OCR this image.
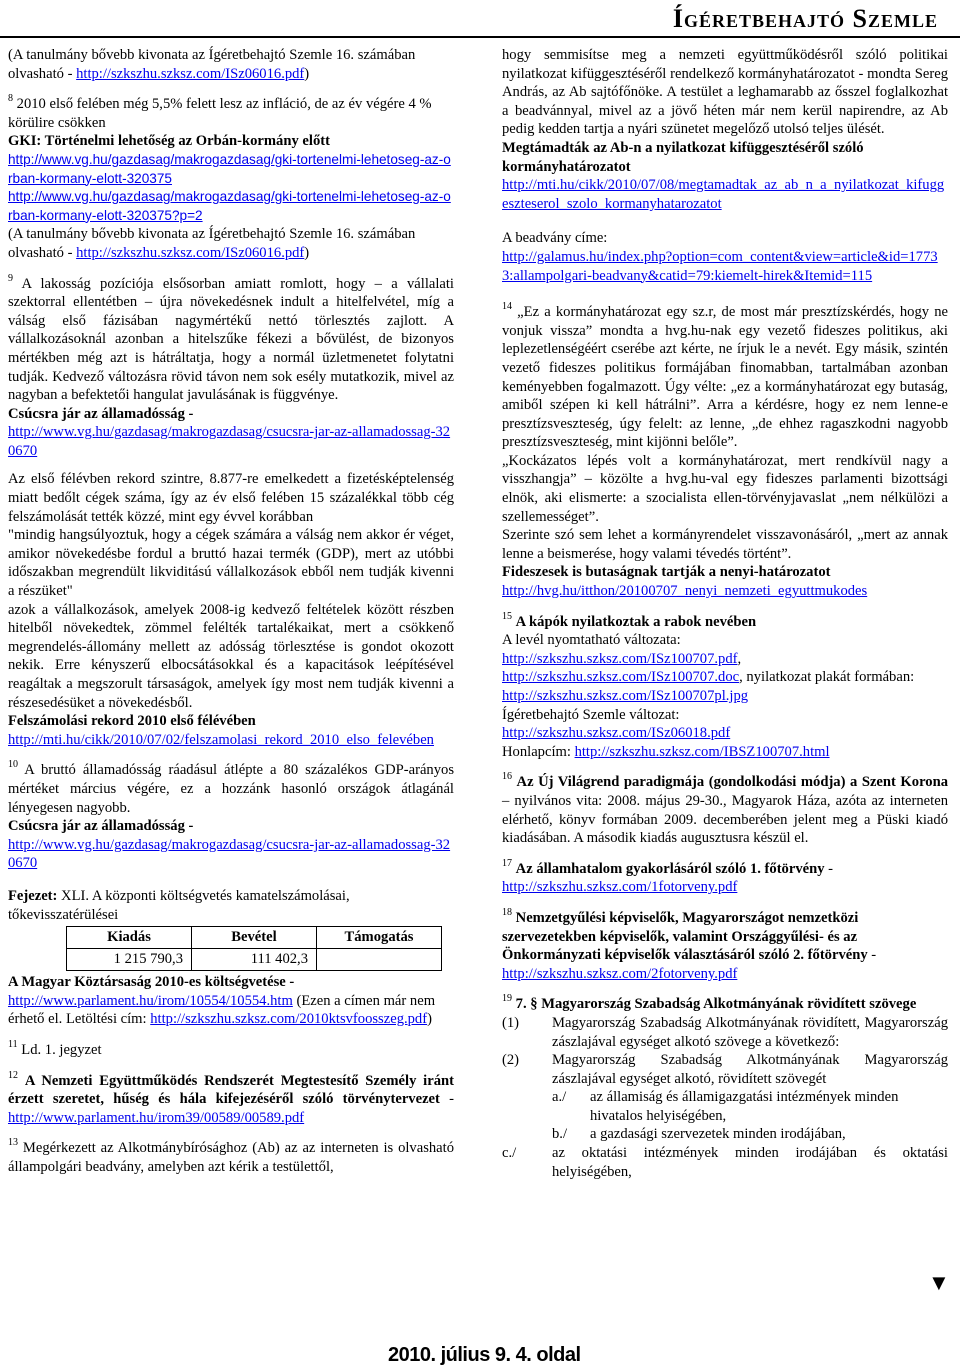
Ígéretbehajtó Szemle

(A tanulmány bővebb kivonata az Ígéretbehajtó Szemle 16. számában olvasható - http://szkszhu.szksz.com/ISz06016.pdf)

$^8$ 2010 első felében még 5,5% felett lesz az infláció, de az év végére 4 % körülire csökken

GKI: Történelmi lehetőség az Orbán-kormány előtt

http://www.vg.hu/gazdasag/makrogazdasag/gki-tortenelmi-lehetoseg-az-orban-kormany-elott-320375

http://www.vg.hu/gazdasag/makrogazdasag/gki-tortenelmi-lehetoseg-az-orban-kormany-elott-320375?p=2

(A tanulmány bővebb kivonata az Ígéretbehajtó Szemle 16. számában olvasható - http://szkszhu.szksz.com/ISz06016.pdf)

$^9$ A lakosság pozíciója elsősorban amiatt romlott, hogy – a vállalati szektorral ellentétben – újra növekedésnek indult a hitelfelvétel, míg a válság első fázisában nagymértékű nettó törlesztés zajlott. A vállalkozásoknál azonban a hitelszűke fékezi a bővülést, de bizonyos mértékben még azt is hátráltatja, hogy a normál üzletmenetet folytatni tudják. Kedvező változásra rövid távon nem sok esély mutatkozik, mivel az nagyban a befektetői hangulat javulásának is függvénye.

Csúcsra jár az államadósság -

http://www.vg.hu/gazdasag/makrogazdasag/csucsra-jar-az-allamadossag-320670

Az első félévben rekord szintre, 8.877-re emelkedett a fizetésképtelenség miatt bedőlt cégek száma, így az év első felében 15 százalékkal több cég felszámolását tették közzé, mint egy évvel korábban

"mindig hangsúlyoztuk, hogy a cégek számára a válság nem akkor ér véget, amikor növekedésbe fordul a bruttó hazai termék (GDP), mert az utóbbi időszakban megrendült likviditású vállalkozások ebből nem tudják kivenni a részüket"

azok a vállalkozások, amelyek 2008-ig kedvező feltételek között részben hitelből növekedtek, zömmel felélték tartalékaikat, mert a csökkenő megrendelés-állomány mellett az adósság törlesztése is gondot okozott nekik. Erre kényszerű elbocsátásokkal és a kapacitások leépítésével reagáltak a megszorult társaságok, amelyek így most nem tudják kivenni a részesedésüket a növekedésből.

Felszámolási rekord 2010 első félévében

http://mti.hu/cikk/2010/07/02/felszamolasi_rekord_2010_elso_felevében

$^{10}$ A bruttó államadósság ráadásul átlépte a 80 százalékos GDP-arányos mértéket március végére, ez a hozzánk hasonló országok átlagánál lényegesen nagyobb.

Csúcsra jár az államadósság -

http://www.vg.hu/gazdasag/makrogazdasag/csucsra-jar-az-allamadossag-320670

Fejezet: XLI. A központi költségvetés kamatelszámolásai, tőkevisszatérülései

Kiadás	Bevétel	Támogatás
1 215 790,3	111 402,3	

A Magyar Köztársaság 2010-es költségvetése -

http://www.parlament.hu/irom/10554/10554.htm (Ezen a címen már nem érhető el. Letöltési cím: http://szkszhu.szksz.com/2010ktsvfoosszeg.pdf)

$^{11}$ Ld. 1. jegyzet

$^{12}$ A Nemzeti Együttműködés Rendszerét Megtestesítő Személy iránt érzett szeretet, hűség és hála kifejezéséről szóló törvénytervezet - http://www.parlament.hu/irom39/00589/00589.pdf

$^{13}$ Megérkezett az Alkotmánybírósághoz (Ab) az az interneten is olvasható állampolgári beadvány, amelyben azt kérik a testülettől,

hogy semmisítse meg a nemzeti együttműködésről szóló politikai nyilatkozat kifüggesztéséről rendelkező kormányhatározatot - mondta Sereg András, az Ab sajtófőnöke. A testület a leghamarabb az ősszel foglalkozhat a beadvánnyal, mivel az a jövő héten már nem kerül napirendre, az Ab pedig kedden tartja a nyári szünetet megelőző utolsó teljes ülését.

Megtámadták az Ab-n a nyilatkozat kifüggesztéséről szóló kormányhatározatot

http://mti.hu/cikk/2010/07/08/megtamadtak_az_ab_n_a_nyilatkozat_kifuggeszteserol_szolo_kormanyhatarozatot

A beadvány címe:

http://galamus.hu/index.php?option=com_content&view=article&id=17733:allampolgari-beadvany&catid=79:kiemelt-hirek&Itemid=115

$^{14}$ „Ez a kormányhatározat egy sz.r, de most már presztízskérdés, hogy ne vonjuk vissza” mondta a hvg.hu-nak egy vezető fideszes politikus, aki leplezetlenségéért cserébe azt kérte, ne írjuk le a nevét. Egy másik, szintén vezető fideszes politikus formájában finomabban, tartalmában azonban keményebben fogalmazott. Úgy vélte: „ez a kormányhatározat egy butaság, amiből szépen ki kell hátrálni”. Arra a kérdésre, hogy ez nem lenne-e presztízsveszteség, úgy felelt: az lenne, „de ehhez ragaszkodni nagyobb presztízsveszteség, mint kijönni belőle”.

„Kockázatos lépés volt a kormányhatározat, mert rendkívül nagy a visszhangja” – közölte a hvg.hu-val egy fideszes parlamenti bizottsági elnök, aki elismerte: a szocialista ellen-törvényjavaslat „nem nélkülözi a szellemességet”.

Szerinte szó sem lehet a kormányrendelet visszavonásáról, „mert az annak lenne a beismerése, hogy valami tévedés történt”.

Fideszesek is butaságnak tartják a nenyi-határozatot

http://hvg.hu/itthon/20100707_nenyi_nemzeti_egyuttmukodes

$^{15}$ A kápók nyilatkoztak a rabok nevében

A levél nyomtatható változata:

http://szkszhu.szksz.com/ISz100707.pdf,

http://szkszhu.szksz.com/ISz100707.doc, nyilatkozat plakát formában: http://szkszhu.szksz.com/ISz100707pl.jpg

Ígéretbehajtó Szemle változat:

http://szkszhu.szksz.com/ISz06018.pdf

Honlapcím: http://szkszhu.szksz.com/IBSZ100707.html

$^{16}$ Az Új Világrend paradigmája (gondolkodási módja) a Szent Korona – nyilvános vita: 2008. május 29-30., Magyarok Háza, azóta az interneten elérhető, könyv formában 2009. decemberében jelent meg a Püski kiadó kiadásában. A második kiadás augusztusra készül el.

$^{17}$ Az államhatalom gyakorlásáról szóló 1. főtörvény -

http://szkszhu.szksz.com/1fotorveny.pdf

$^{18}$ Nemzetgyűlési képviselők, Magyarországot nemzetközi szervezetekben képviselők, valamint Országgyűlési- és az Önkormányzati képviselők választásáról szóló 2. főtörvény -

http://szkszhu.szksz.com/2fotorveny.pdf

$^{19}$ 7. § Magyarország Szabadság Alkotmányának rövidített szövege

(1)	Magyarország Szabadság Alkotmányának rövidített, Magyarország zászlajával egységet alkotó szövege a következő:
(2)	Magyarország Szabadság Alkotmányának Magyarország zászlajával egységet alkotó, rövidített szövegét
a./	az államiság és államigazgatási intézmények minden hivatalos helyiségében,
b./	a gazdasági szervezetek minden irodájában,
c./	az oktatási intézmények minden irodájában és oktatási helyiségében,
▼
2010. július 9. 4. oldal
